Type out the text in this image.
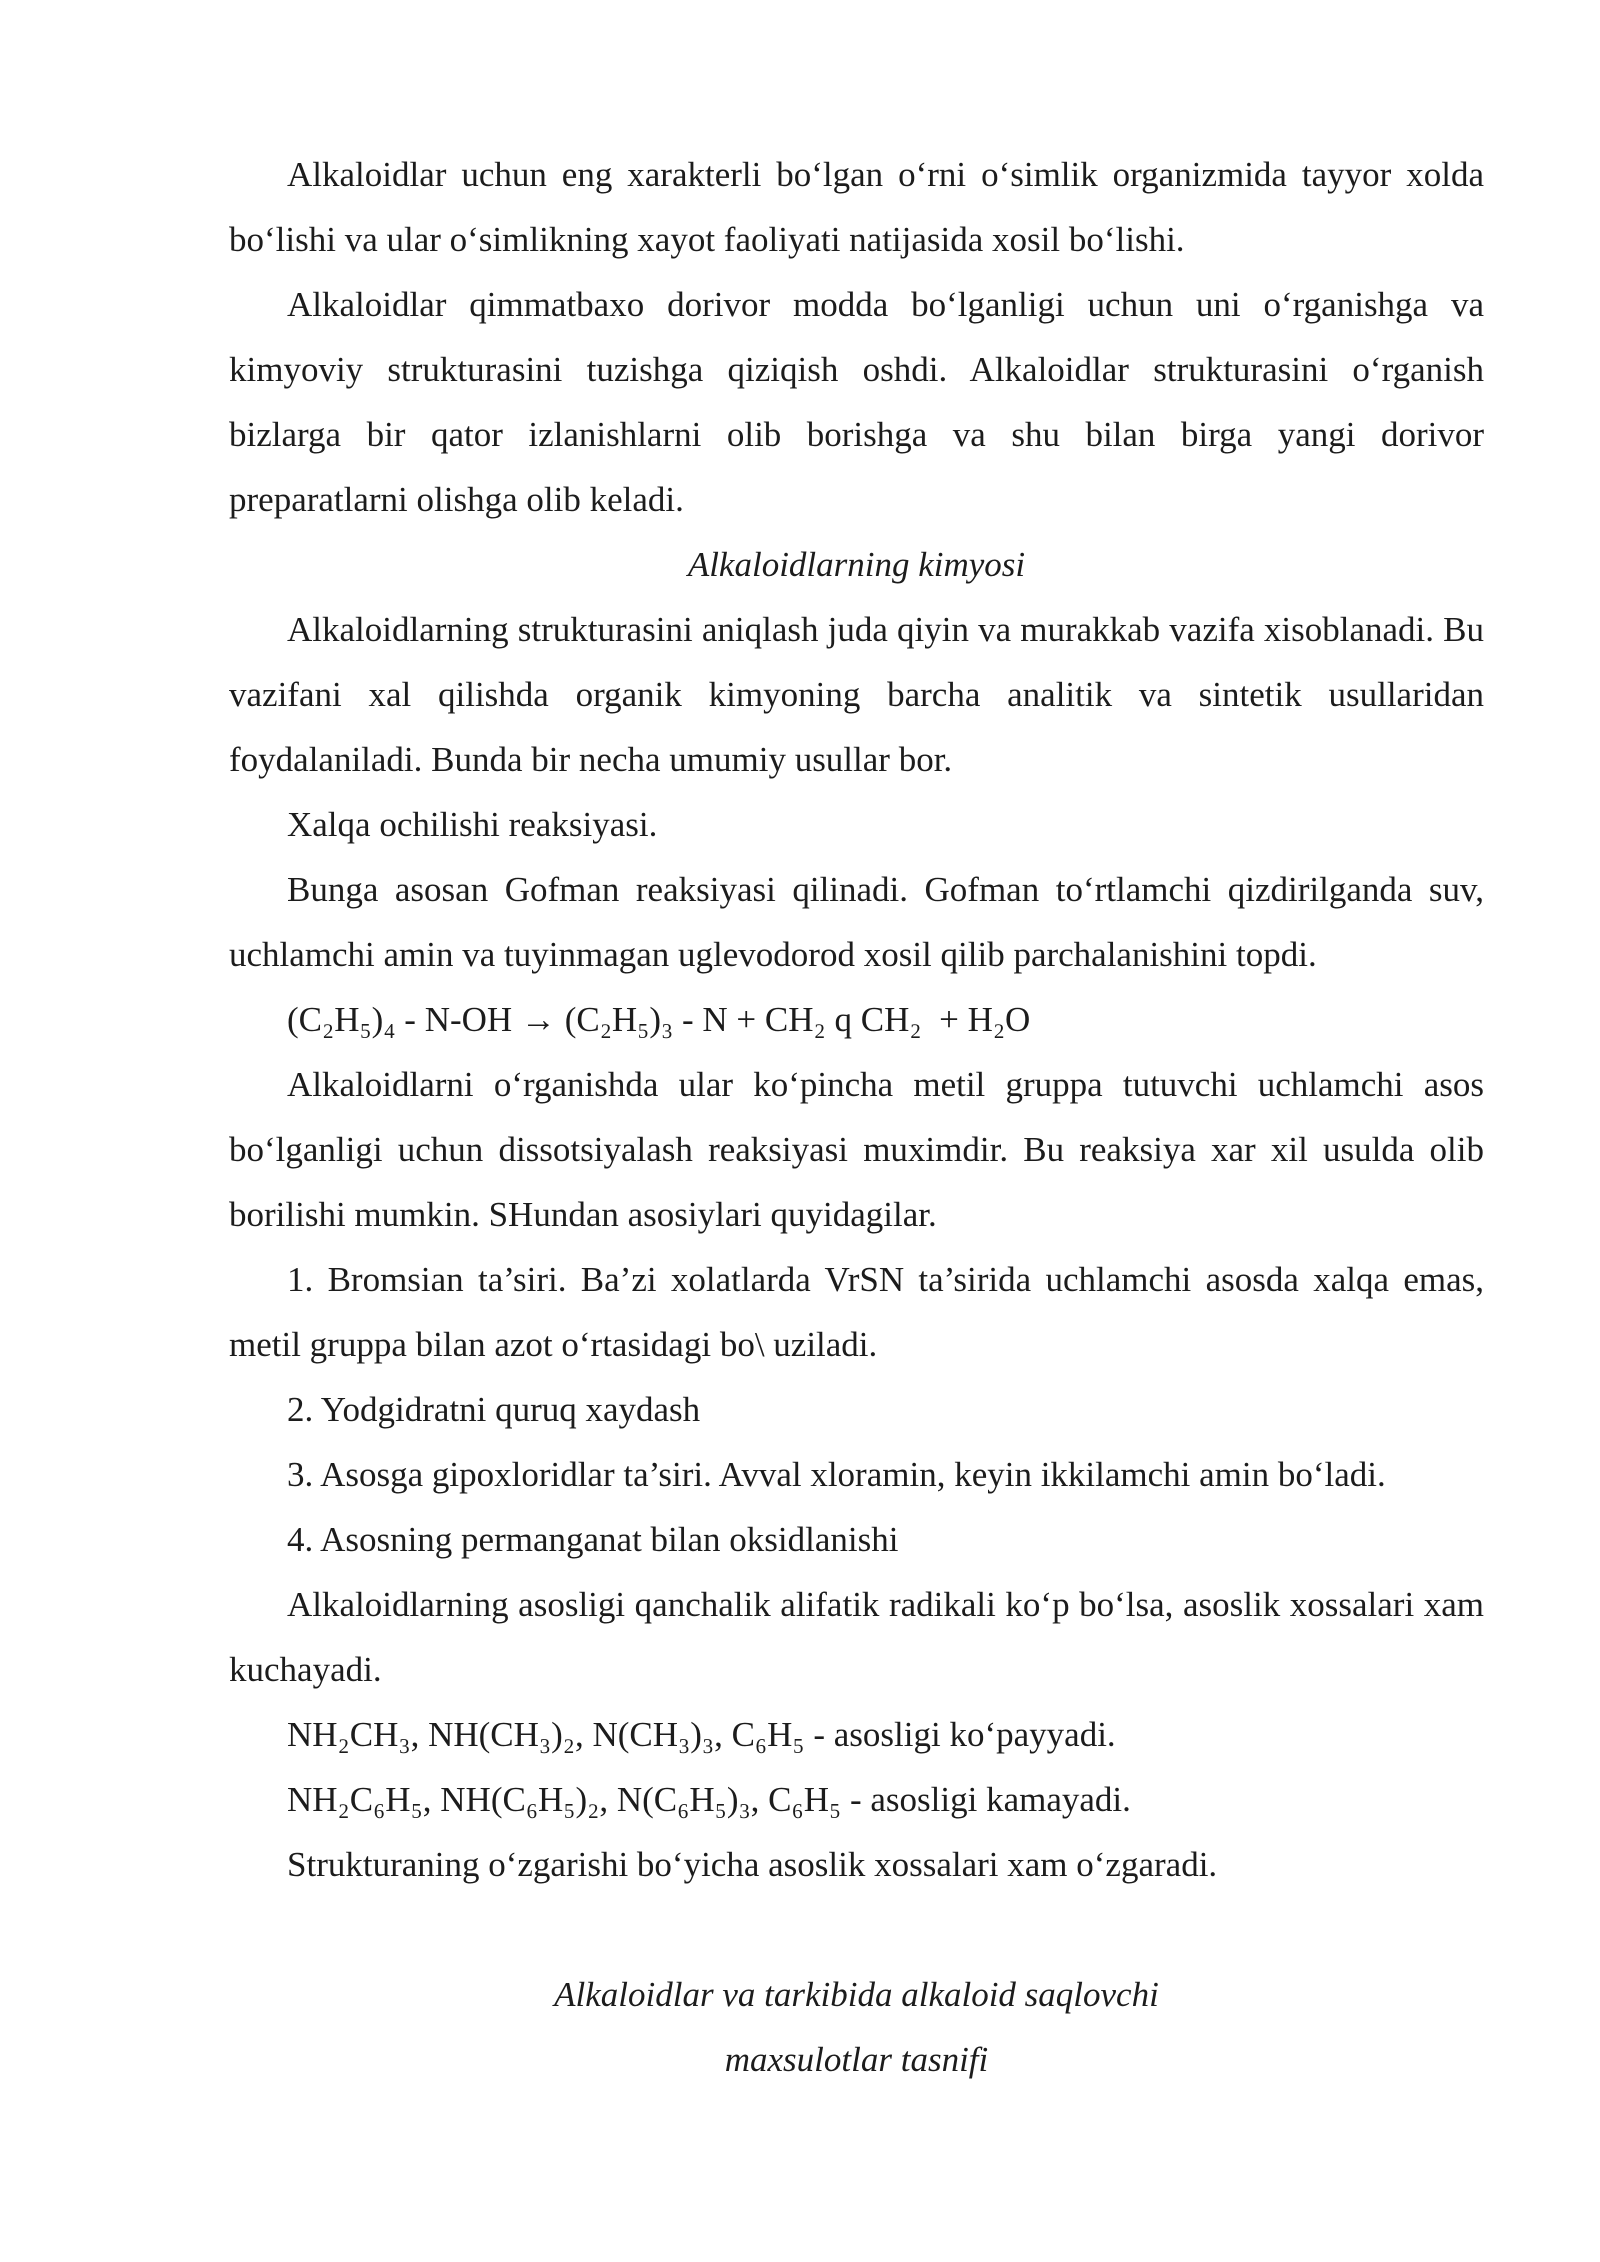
Alkaloidlar uchun eng xarakterli bo‘lgan o‘rni o‘simlik organizmida tayyor xolda bo‘lishi va ular o‘simlikning xayot faoliyati natijasida xosil bo‘lishi.

Alkaloidlar qimmatbaxo dorivor modda bo‘lganligi uchun uni o‘rganishga va kimyoviy strukturasini tuzishga qiziqish oshdi. Alkaloidlar strukturasini o‘rganish bizlarga bir qator izlanishlarni olib borishga va shu bilan birga yangi dorivor preparatlarni olishga olib keladi.

Alkaloidlarning kimyosi

Alkaloidlarning strukturasini aniqlash juda qiyin va murakkab vazifa xisoblanadi. Bu vazifani xal qilishda organik kimyoning barcha analitik va sintetik usullaridan foydalaniladi. Bunda bir necha umumiy usullar bor.

Xalqa ochilishi reaksiyasi.

Bunga asosan Gofman reaksiyasi qilinadi. Gofman to‘rtlamchi qizdirilganda suv, uchlamchi amin va tuyinmagan uglevodorod xosil qilib parchalanishini topdi.

(C₂H₅)₄ - N-OH → (C₂H₅)₃ - N + CH₂ q CH₂ + H₂O

Alkaloidlarni o‘rganishda ular ko‘pincha metil gruppa tutuvchi uchlamchi asos bo‘lganligi uchun dissotsiyalash reaksiyasi muximdir. Bu reaksiya xar xil usulda olib borilishi mumkin. SHundan asosiylari quyidagilar.

1. Bromsian ta’siri. Ba’zi xolatlarda VrSN ta’sirida uchlamchi asosda xalqa emas, metil gruppa bilan azot o‘rtasidagi bo\ uziladi.

2. Yodgidratni quruq xaydash

3. Asosga gipoxloridlar ta’siri. Avval xloramin, keyin ikkilamchi amin bo‘ladi.

4. Asosning permanganat bilan oksidlanishi

Alkaloidlarning asosligi qanchalik alifatik radikali ko‘p bo‘lsa, asoslik xossalari xam kuchayadi.

NH₂CH₃, NH(CH₃)₂, N(CH₃)₃, C₆H₅ - asosligi ko‘payyadi.

NH₂C₆H₅, NH(C₆H₅)₂, N(C₆H₅)₃, C₆H₅ - asosligi kamayadi.

Strukturaning o‘zgarishi bo‘yicha asoslik xossalari xam o‘zgaradi.

Alkaloidlar va tarkibida alkaloid saqlovchi

maxsulotlar tasnifi
